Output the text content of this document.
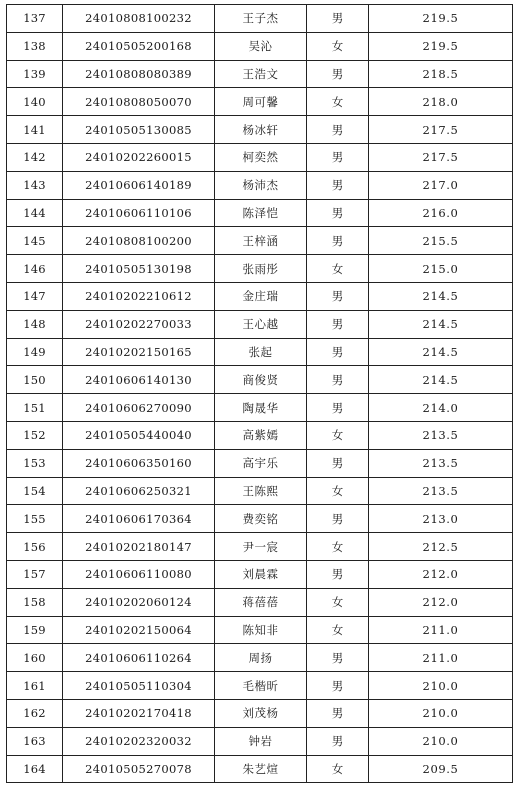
137	24010808100232	王子杰	男	219.5
138	24010505200168	吴沁	女	219.5
139	24010808080389	王浩文	男	218.5
140	24010808050070	周可馨	女	218.0
141	24010505130085	杨冰轩	男	217.5
142	24010202260015	柯奕然	男	217.5
143	24010606140189	杨沛杰	男	217.0
144	24010606110106	陈泽恺	男	216.0
145	24010808100200	王梓涵	男	215.5
146	24010505130198	张雨彤	女	215.0
147	24010202210612	金庄瑞	男	214.5
148	24010202270033	王心越	男	214.5
149	24010202150165	张起	男	214.5
150	24010606140130	商俊贤	男	214.5
151	24010606270090	陶晟华	男	214.0
152	24010505440040	高紫嫣	女	213.5
153	24010606350160	高宇乐	男	213.5
154	24010606250321	王陈熙	女	213.5
155	24010606170364	费奕铭	男	213.0
156	24010202180147	尹一宸	女	212.5
157	24010606110080	刘晨霖	男	212.0
158	24010202060124	蒋蓓蓓	女	212.0
159	24010202150064	陈知非	女	211.0
160	24010606110264	周扬	男	211.0
161	24010505110304	毛楷昕	男	210.0
162	24010202170418	刘茂杨	男	210.0
163	24010202320032	钟岩	男	210.0
164	24010505270078	朱艺煊	女	209.5
